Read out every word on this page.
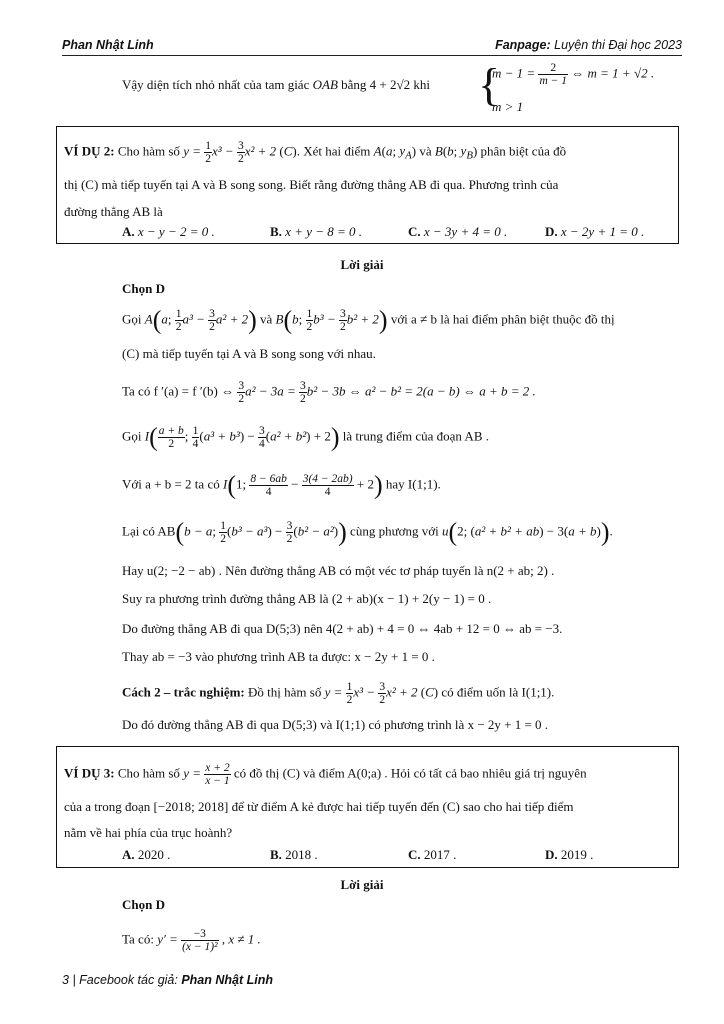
Phan Nhật Linh	Fanpage: Luyện thi Đại học 2023
Vậy diện tích nhỏ nhất của tam giác OAB bằng 4 + 2√2 khi {
$m - 1 = \frac{2}{m - 1}$ ⇔ m = 1 + √2 .
m > 1
VÍ DỤ 2: Cho hàm số $y = \frac{1}{2} x^3 - \frac{3}{2} x^2 + 2$ (C). Xét hai điểm A(a; $y_A$) và B(b; $y_B$) phân biệt của đồ
thị (C) mà tiếp tuyến tại A và B song song. Biết rằng đường thẳng AB đi qua. Phương trình của
đường thẳng AB là
A. x − y − 2 = 0 .	B. x + y − 8 = 0 .	C. x − 3y + 4 = 0 .	D. x − 2y + 1 = 0 .
Lời giải
Chọn D
Gọi A(a; $\frac{1}{2} a^3 - \frac{3}{2} a^2 + 2$) và B(b; $\frac{1}{2} b^3 - \frac{3}{2} b^2 + 2$) với a ≠ b là hai điểm phân biệt thuộc đồ thị
(C) mà tiếp tuyến tại A và B song song với nhau.
Ta có f ′(a) = f ′(b) ⇔ $\frac{3}{2} a^2 - 3a = \frac{3}{2} b^2 - 3b$ ⇔ a² − b² = 2(a − b) ⇔ a + b = 2 .
Gọi $I( \frac{a + b}{2}$ ; $\frac{1}{4} (a^3 + b^3) - \frac{3}{4} (a^2 + b^2) + 2$) là trung điểm của đoạn AB .
Với a + b = 2 ta có I(1; $\frac{8 - 6ab}{4} - \frac{3(4 - 2ab)}{4} + 2$) hay I(1;1).
Lại có AB(b − a; $\frac{1}{2} (b^3 - a^3) - \frac{3}{2} (b^2 - a^2)$) cùng phương với u(2; (a² + b² + ab) − 3(a + b)).
Hay u(2; −2 − ab) . Nên đường thẳng AB có một véc tơ pháp tuyến là n(2 + ab; 2) .
Suy ra phương trình đường thẳng AB là (2 + ab)(x − 1) + 2(y − 1) = 0 .
Do đường thẳng AB đi qua D(5;3) nên 4(2 + ab) + 4 = 0 ⇔ 4ab + 12 = 0 ⇔ ab = −3.
Thay ab = −3 vào phương trình AB ta được: x − 2y + 1 = 0 .
Cách 2 – trắc nghiệm: Đồ thị hàm số $y = \frac{1}{2} x^3 - \frac{3}{2} x^2 + 2$ (C) có điểm uốn là I(1;1).
Do đó đường thẳng AB đi qua D(5;3) và I(1;1) có phương trình là x − 2y + 1 = 0 .
VÍ DỤ 3: Cho hàm số $y = \frac{x + 2}{x - 1}$ có đồ thị (C) và điểm A(0;a) . Hỏi có tất cả bao nhiêu giá trị nguyên
của a trong đoạn [−2018; 2018] để từ điểm A kẻ được hai tiếp tuyến đến (C) sao cho hai tiếp điểm
nằm về hai phía của trục hoành?
A. 2020 .	B. 2018 .	C. 2017 .	D. 2019 .
Lời giải
Chọn D
Ta có: $y' = \frac{-3}{\text{(x − 1)²}}$ , x ≠ 1 .
3 | Facebook tác giả: Phan Nhật Linh
